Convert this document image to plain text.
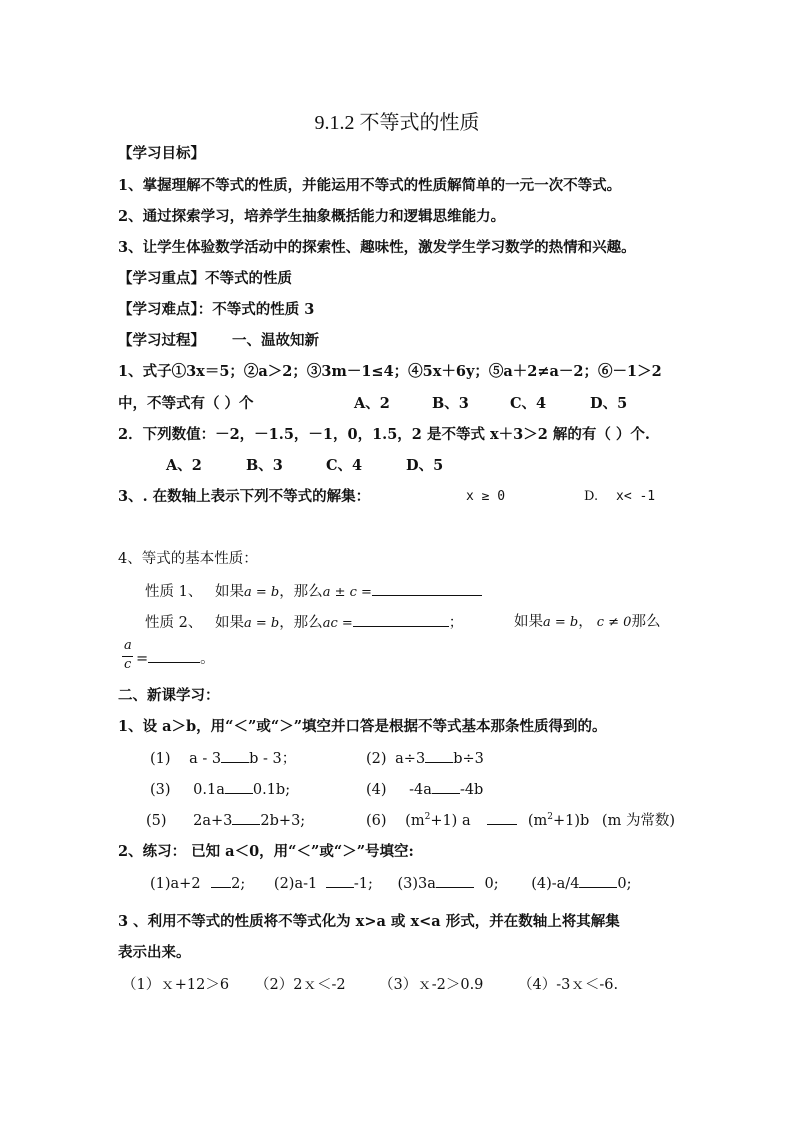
9.1.2 不等式的性质
【学习目标】
1、掌握理解不等式的性质，并能运用不等式的性质解简单的一元一次不等式。
2、通过探索学习，培养学生抽象概括能力和逻辑思维能力。
3、让学生体验数学活动中的探索性、趣味性，激发学生学习数学的热情和兴趣。
【学习重点】不等式的性质
【学习难点】：不等式的性质 3
【学习过程】 一、温故知新
1、式子①3x＝5；②a＞2；③3m－1≤4；④5x＋6y；⑤a＋2≠a－2；⑥－1＞2
中，不等式有（ ）个	A、2	B、3	C、4	D、5
2．下列数值：－2，－1.5，－1，0，1.5，2 是不等式 x＋3＞2 解的有（ ）个.
A、2	B、3	C、4	D、5
3、. 在数轴上表示下列不等式的解集：	x ≥ 0	D. x< -1
4、等式的基本性质：
性质 1、 如果a = b，那么a ± c =
性质 2、 如果a = b，那么ac =	；	如果a = b， c ≠ 0那么
a
c =	。
二、新课学习：
1、设 a＞b，用“＜”或“＞”填空并口答是根据不等式基本那条性质得到的。
(1) a - 3 b - 3；	(2) a÷3 b÷3
(3) 0.1a 0.1b;	(4) -4a -4b
(5) 2a+3 2b+3;	(6) $(m^2+1)$ a	$(m^2+1)b$ (m 为常数)
2、练习： 已知 a＜0，用“＜”或“＞”号填空:
(1)a+2 2; (2)a-1	-1; (3)3a	0; (4)-a/4	0;
3 、利用不等式的性质将不等式化为 x>a 或 x<a 形式，并在数轴上将其解集
表示出来。
（1）ｘ+12＞6 （2）2ｘ＜-2 （3）ｘ-2＞0.9 （4）-3ｘ＜-6.
